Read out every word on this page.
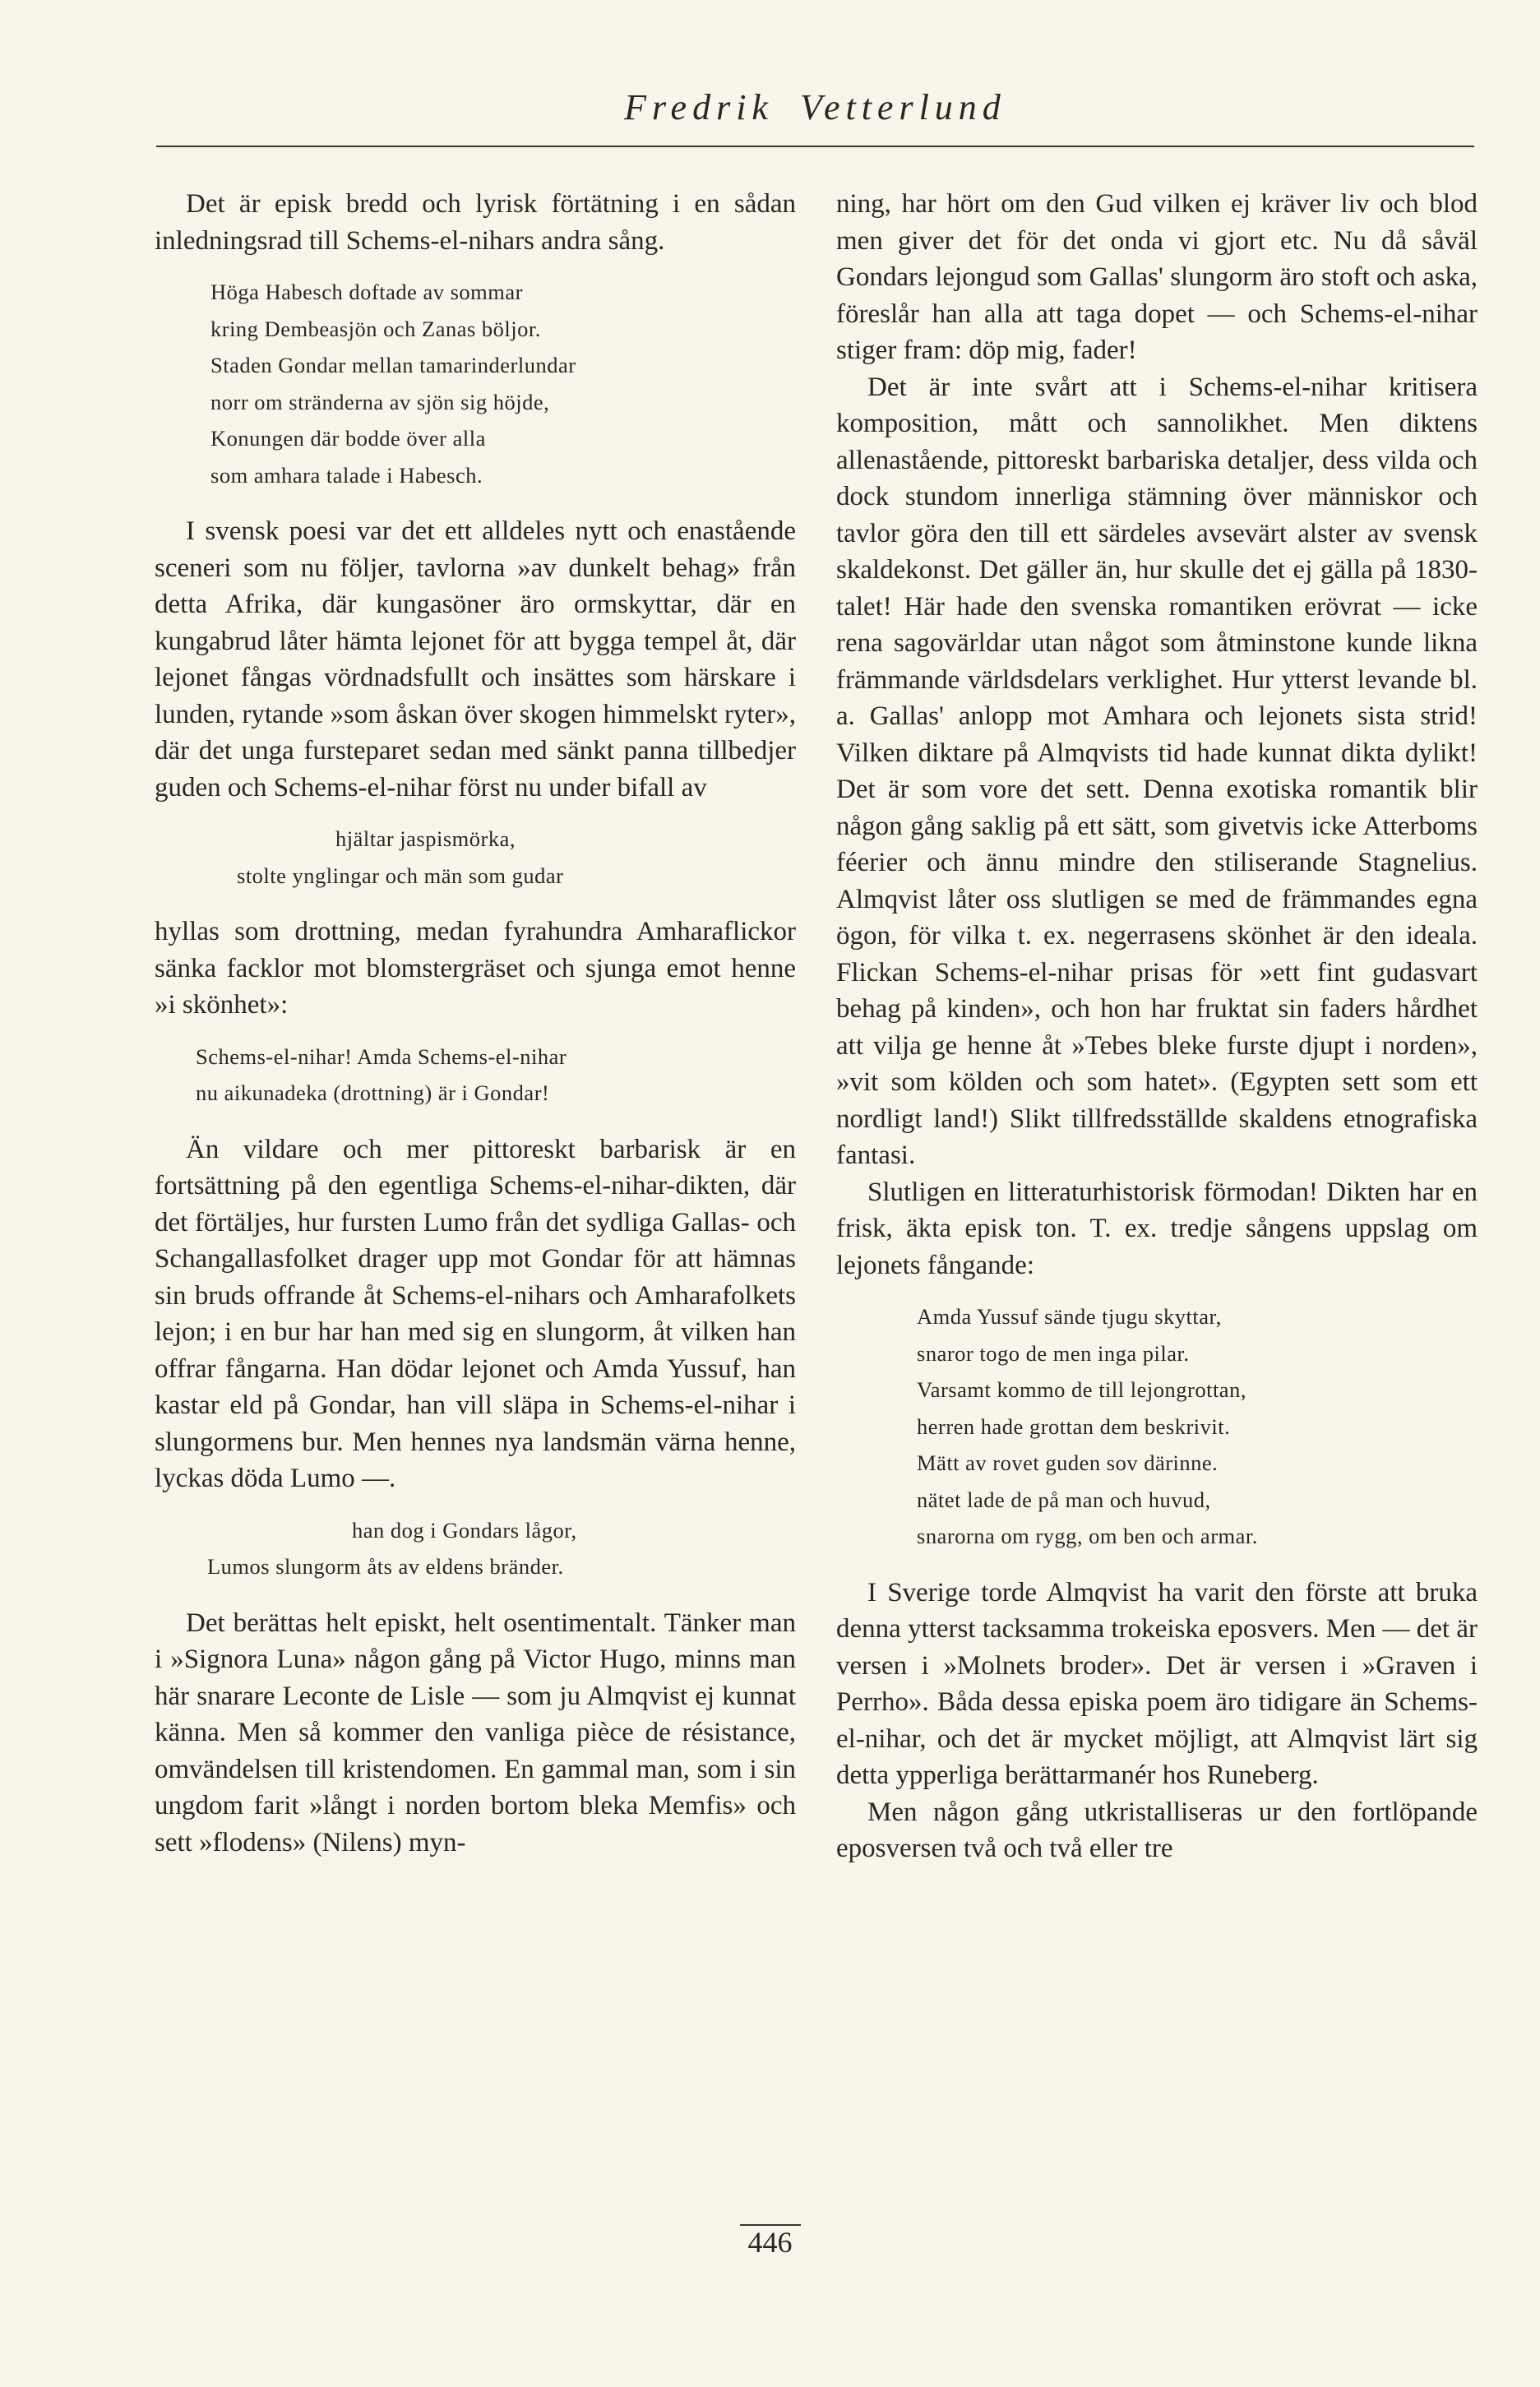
Fredrik Vetterlund

Det är episk bredd och lyrisk förtätning i en sådan inledningsrad till Schems-el-nihars andra sång.

Höga Habesch doftade av sommar
kring Dembeasjön och Zanas böljor.
Staden Gondar mellan tamarinderlundar
norr om stränderna av sjön sig höjde,
Konungen där bodde över alla
som amhara talade i Habesch.

I svensk poesi var det ett alldeles nytt och enastående sceneri som nu följer, tavlorna »av dunkelt behag» från detta Afrika, där kungasöner äro ormskyttar, där en kungabrud låter hämta lejonet för att bygga tempel åt, där lejonet fångas vördnadsfullt och insättes som härskare i lunden, rytande »som åskan över skogen himmelskt ryter», där det unga fursteparet sedan med sänkt panna tillbedjer guden och Schems-el-nihar först nu under bifall av

hjältar jaspismörka,
stolte ynglingar och män som gudar

hyllas som drottning, medan fyrahundra Amharaflickor sänka facklor mot blomstergräset och sjunga emot henne »i skönhet»:

Schems-el-nihar! Amda Schems-el-nihar
nu aikunadeka (drottning) är i Gondar!

Än vildare och mer pittoreskt barbarisk är en fortsättning på den egentliga Schems-el-nihar-dikten, där det förtäljes, hur fursten Lumo från det sydliga Gallas- och Schangallasfolket drager upp mot Gondar för att hämnas sin bruds offrande åt Schems-el-nihars och Amharafolkets lejon; i en bur har han med sig en slungorm, åt vilken han offrar fångarna. Han dödar lejonet och Amda Yussuf, han kastar eld på Gondar, han vill släpa in Schems-el-nihar i slungormens bur. Men hennes nya landsmän värna henne, lyckas döda Lumo —.

han dog i Gondars lågor,
Lumos slungorm åts av eldens bränder.

Det berättas helt episkt, helt osentimentalt. Tänker man i »Signora Luna» någon gång på Victor Hugo, minns man här snarare Leconte de Lisle — som ju Almqvist ej kunnat känna. Men så kommer den vanliga pièce de résistance, omvändelsen till kristendomen. En gammal man, som i sin ungdom farit »långt i norden bortom bleka Memfis» och sett »flodens» (Nilens) myn-

ning, har hört om den Gud vilken ej kräver liv och blod men giver det för det onda vi gjort etc. Nu då såväl Gondars lejongud som Gallas' slungorm äro stoft och aska, föreslår han alla att taga dopet — och Schems-el-nihar stiger fram: döp mig, fader!

Det är inte svårt att i Schems-el-nihar kritisera komposition, mått och sannolikhet. Men diktens allenastående, pittoreskt barbariska detaljer, dess vilda och dock stundom innerliga stämning över människor och tavlor göra den till ett särdeles avsevärt alster av svensk skaldekonst. Det gäller än, hur skulle det ej gälla på 1830-talet! Här hade den svenska romantiken erövrat — icke rena sagovärldar utan något som åtminstone kunde likna främmande världsdelars verklighet. Hur ytterst levande bl. a. Gallas' anlopp mot Amhara och lejonets sista strid! Vilken diktare på Almqvists tid hade kunnat dikta dylikt! Det är som vore det sett. Denna exotiska romantik blir någon gång saklig på ett sätt, som givetvis icke Atterboms féerier och ännu mindre den stiliserande Stagnelius. Almqvist låter oss slutligen se med de främmandes egna ögon, för vilka t. ex. negerrasens skönhet är den ideala. Flickan Schems-el-nihar prisas för »ett fint gudasvart behag på kinden», och hon har fruktat sin faders hårdhet att vilja ge henne åt »Tebes bleke furste djupt i norden», »vit som kölden och som hatet». (Egypten sett som ett nordligt land!) Slikt tillfredsställde skaldens etnografiska fantasi.

Slutligen en litteraturhistorisk förmodan! Dikten har en frisk, äkta episk ton. T. ex. tredje sångens uppslag om lejonets fångande:

Amda Yussuf sände tjugu skyttar,
snaror togo de men inga pilar.
Varsamt kommo de till lejongrottan,
herren hade grottan dem beskrivit.
Mätt av rovet guden sov därinne.
nätet lade de på man och huvud,
snarorna om rygg, om ben och armar.

I Sverige torde Almqvist ha varit den förste att bruka denna ytterst tacksamma trokeiska eposvers. Men — det är versen i »Molnets broder». Det är versen i »Graven i Perrho». Båda dessa episka poem äro tidigare än Schems-el-nihar, och det är mycket möjligt, att Almqvist lärt sig detta ypperliga berättarmanér hos Runeberg.

Men någon gång utkristalliseras ur den fortlöpande eposversen två och två eller tre

446
